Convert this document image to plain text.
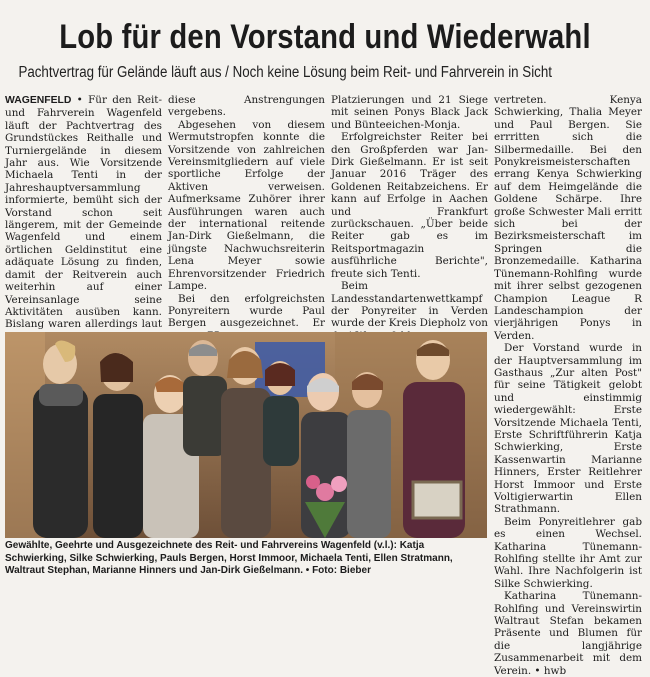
Lob für den Vorstand und Wiederwahl
Pachtvertrag für Gelände läuft aus / Noch keine Lösung beim Reit- und Fahrverein in Sicht

WAGENFELD • Für den Reit- und Fahrverein Wagenfeld läuft der Pachtvertrag des Grundstückes Reithalle und Turniergelände in diesem Jahr aus. Wie Vorsitzende Michaela Tenti in der Jahreshauptversammlung informierte, bemüht sich der Vorstand schon seit längerem, mit der Gemeinde Wagenfeld und einem örtlichen Geldinstitut eine adäquate Lösung zu finden, damit der Reitverein auch weiterhin auf einer Vereinsanlage seine Aktivitäten ausüben kann. Bislang waren allerdings laut

diese Anstrengungen vergebens.

Abgesehen von diesem Wermutstropfen konnte die Vorsitzende von zahlreichen Vereinsmitgliedern auf viele sportliche Erfolge der Aktiven verweisen. Aufmerksame Zuhörer ihrer Ausführungen waren auch der international reitende Jan-Dirk Gießelmann, die jüngste Nachwuchsreiterin Lena Meyer sowie Ehrenvorsitzender Friedrich Lampe.

Bei den erfolgreichsten Ponyreitern wurde Paul Bergen ausgezeichnet. Er

Platzierungen und 21 Siege mit seinen Ponys Black Jack und Bünteeichen-Monja.

Erfolgreichster Reiter bei den Großpferden war Jan-Dirk Gießelmann. Er ist seit Januar 2016 Träger des Goldenen Reitabzeichens. Er kann auf Erfolge in Aachen und Frankfurt zurückschauen. „Über beide Reiter gab es im Reitsportmagazin ausführliche Berichte", freute sich Tenti.

Beim Landesstandartenwettkampf der Ponyreiter in Verden wurde der Kreis Diepholz von

vertreten. Kenya Schwierking, Thalia Meyer und Paul Bergen. Sie errritten sich die Silbermedaille. Bei den Ponykreismeisterschaften errang Kenya Schwierking auf dem Heimgelände die Goldene Schärpe. Ihre große Schwester Mali erritt sich bei der Bezirksmeisterschaft im Springen die Bronzemedaille. Katharina Tünemann-Rohlfing wurde mit ihrer selbst gezogenen Champion League R Landeschampion der vierjährigen Ponys in Verden.

Der Vorstand wurde in der Hauptversammlung im Gasthaus „Zur alten Post" für seine Tätigkeit gelobt und einstimmig wiedergewählt: Erste Vorsitzende Michaela Tenti, Erste Schriftführerin Katja Schwierking, Erste Kassenwartin Marianne Hinners, Erster Reitlehrer Horst Immoor und Erste Voltigierwartin Ellen Strathmann.

Beim Ponyreitlehrer gab es einen Wechsel. Katharina Tünemann-Rohlfing stellte ihr Amt zur Wahl. Ihre Nachfolgerin ist Silke Schwierking.

Katharina Tünemann-Rohlfing und Vereinswirtin Waltraut Stefan bekamen Präsente und Blumen für die langjährige Zusammenarbeit mit dem Verein. • hwb

Gewählte, Geehrte und Ausgezeichnete des Reit- und Fahrvereins Wagenfeld (v.l.): Katja Schwierking, Silke Schwierking, Pauls Bergen, Horst Immoor, Michaela Tenti, Ellen Stratmann, Waltraut Stephan, Marianne Hinners und Jan-Dirk Gießelmann. • Foto: Bieber
